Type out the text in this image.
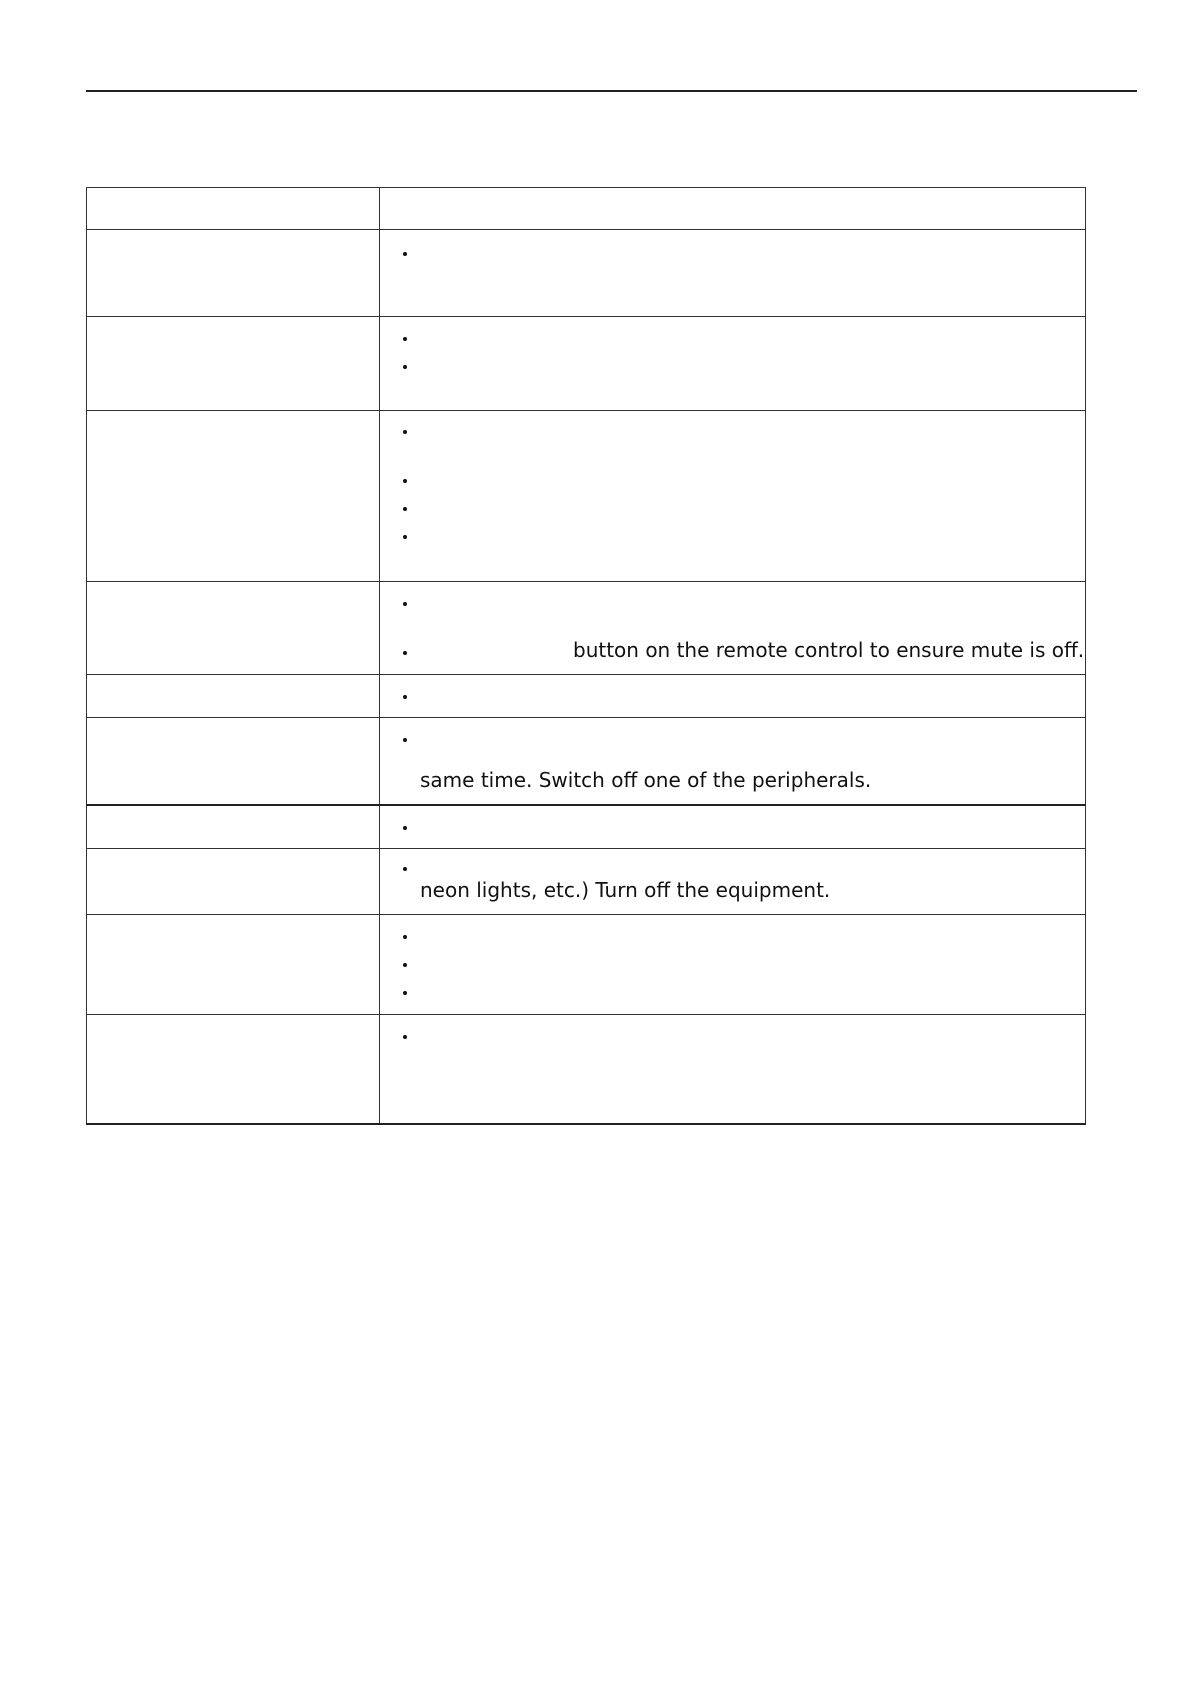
	button on the remote control to ensure mute is off.

	same time. Switch off one of the peripherals.

	neon lights, etc.) Turn off the equipment.
